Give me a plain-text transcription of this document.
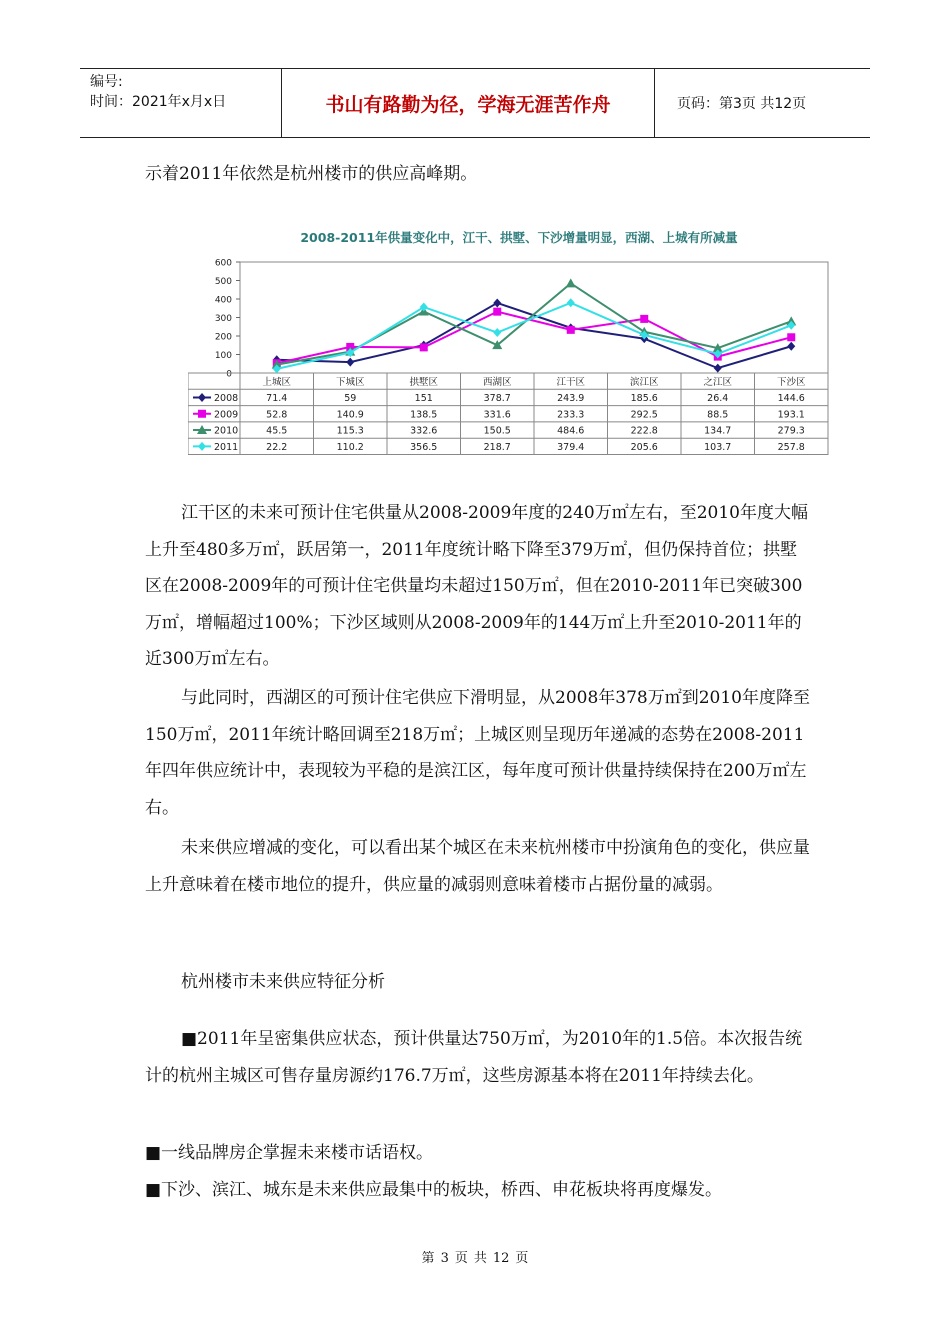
编号:
时间：2021年x月x日	书山有路勤为径，学海无涯苦作舟	页码：第3页 共12页

示着2011年依然是杭州楼市的供应高峰期。

2008-2011年供量变化中，江干、拱墅、下沙增量明显，西湖、上城有所减量
0
100
200
300
400
500
600
上城区	下城区	拱墅区	西湖区	江干区	滨江区	之江区	下沙区
2008	71.4	59	151	378.7	243.9	185.6	26.4	144.6
2009	52.8	140.9	138.5	331.6	233.3	292.5	88.5	193.1
2010	45.5	115.3	332.6	150.5	484.6	222.8	134.7	279.3
2011	22.2	110.2	356.5	218.7	379.4	205.6	103.7	257.8

江干区的未来可预计住宅供量从2008-2009年度的240万㎡左右，至2010年度大幅上升至480多万㎡，跃居第一，2011年度统计略下降至379万㎡，但仍保持首位；拱墅区在2008-2009年的可预计住宅供量均未超过150万㎡，但在2010-2011年已突破300万㎡，增幅超过100%；下沙区域则从2008-2009年的144万㎡上升至2010-2011年的近300万㎡左右。

与此同时，西湖区的可预计住宅供应下滑明显，从2008年378万㎡到2010年度降至150万㎡，2011年统计略回调至218万㎡；上城区则呈现历年递减的态势在2008-2011年四年供应统计中，表现较为平稳的是滨江区，每年度可预计供量持续保持在200万㎡左右。

未来供应增减的变化，可以看出某个城区在未来杭州楼市中扮演角色的变化，供应量上升意味着在楼市地位的提升，供应量的减弱则意味着楼市占据份量的减弱。

杭州楼市未来供应特征分析

■2011年呈密集供应状态，预计供量达750万㎡，为2010年的1.5倍。本次报告统计的杭州主城区可售存量房源约176.7万㎡，这些房源基本将在2011年持续去化。

■一线品牌房企掌握未来楼市话语权。

■下沙、滨江、城东是未来供应最集中的板块，桥西、申花板块将再度爆发。

第 3 页 共 12 页
